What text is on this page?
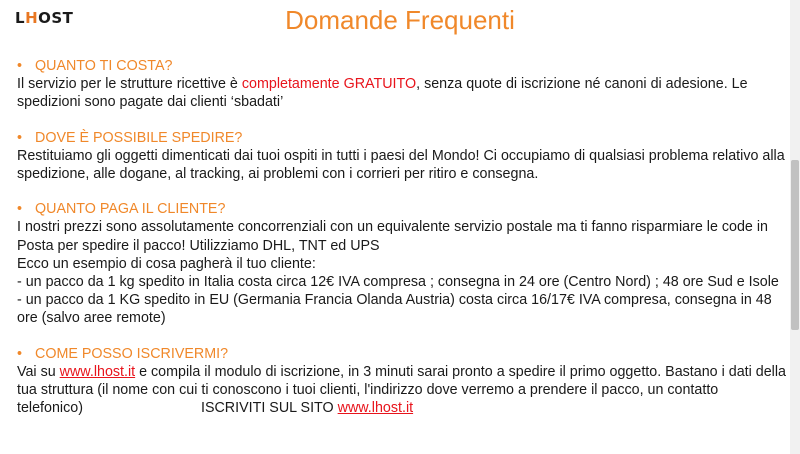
LHOST	Domande Frequenti
• QUANTO TI COSTA?
Il servizio per le strutture ricettive è completamente GRATUITO, senza quote di iscrizione né canoni di adesione. Le spedizioni sono pagate dai clienti ‘sbadati’
• DOVE È POSSIBILE SPEDIRE?
Restituiamo gli oggetti dimenticati dai tuoi ospiti in tutti i paesi del Mondo! Ci occupiamo di qualsiasi problema relativo alla spedizione, alle dogane, al tracking, ai problemi con i corrieri per ritiro e consegna.
• QUANTO PAGA IL CLIENTE?
I nostri prezzi sono assolutamente concorrenziali con un equivalente servizio postale ma ti fanno risparmiare le code in Posta per spedire il pacco! Utilizziamo DHL, TNT ed UPS
Ecco un esempio di cosa pagherà il tuo cliente:
- un pacco da 1 kg spedito in Italia costa circa 12€ IVA compresa ; consegna in 24 ore (Centro Nord) ; 48 ore Sud e Isole
- un pacco da 1 KG spedito in EU (Germania Francia Olanda Austria) costa circa 16/17€ IVA compresa, consegna in 48 ore (salvo aree remote)
• COME POSSO ISCRIVERMI?
Vai su www.lhost.it e compila il modulo di iscrizione, in 3 minuti sarai pronto a spedire il primo oggetto. Bastano i dati della tua struttura (il nome con cui ti conoscono i tuoi clienti, l'indirizzo dove verremo a prendere il pacco, un contatto telefonico)	ISCRIVITI SUL SITO www.lhost.it
